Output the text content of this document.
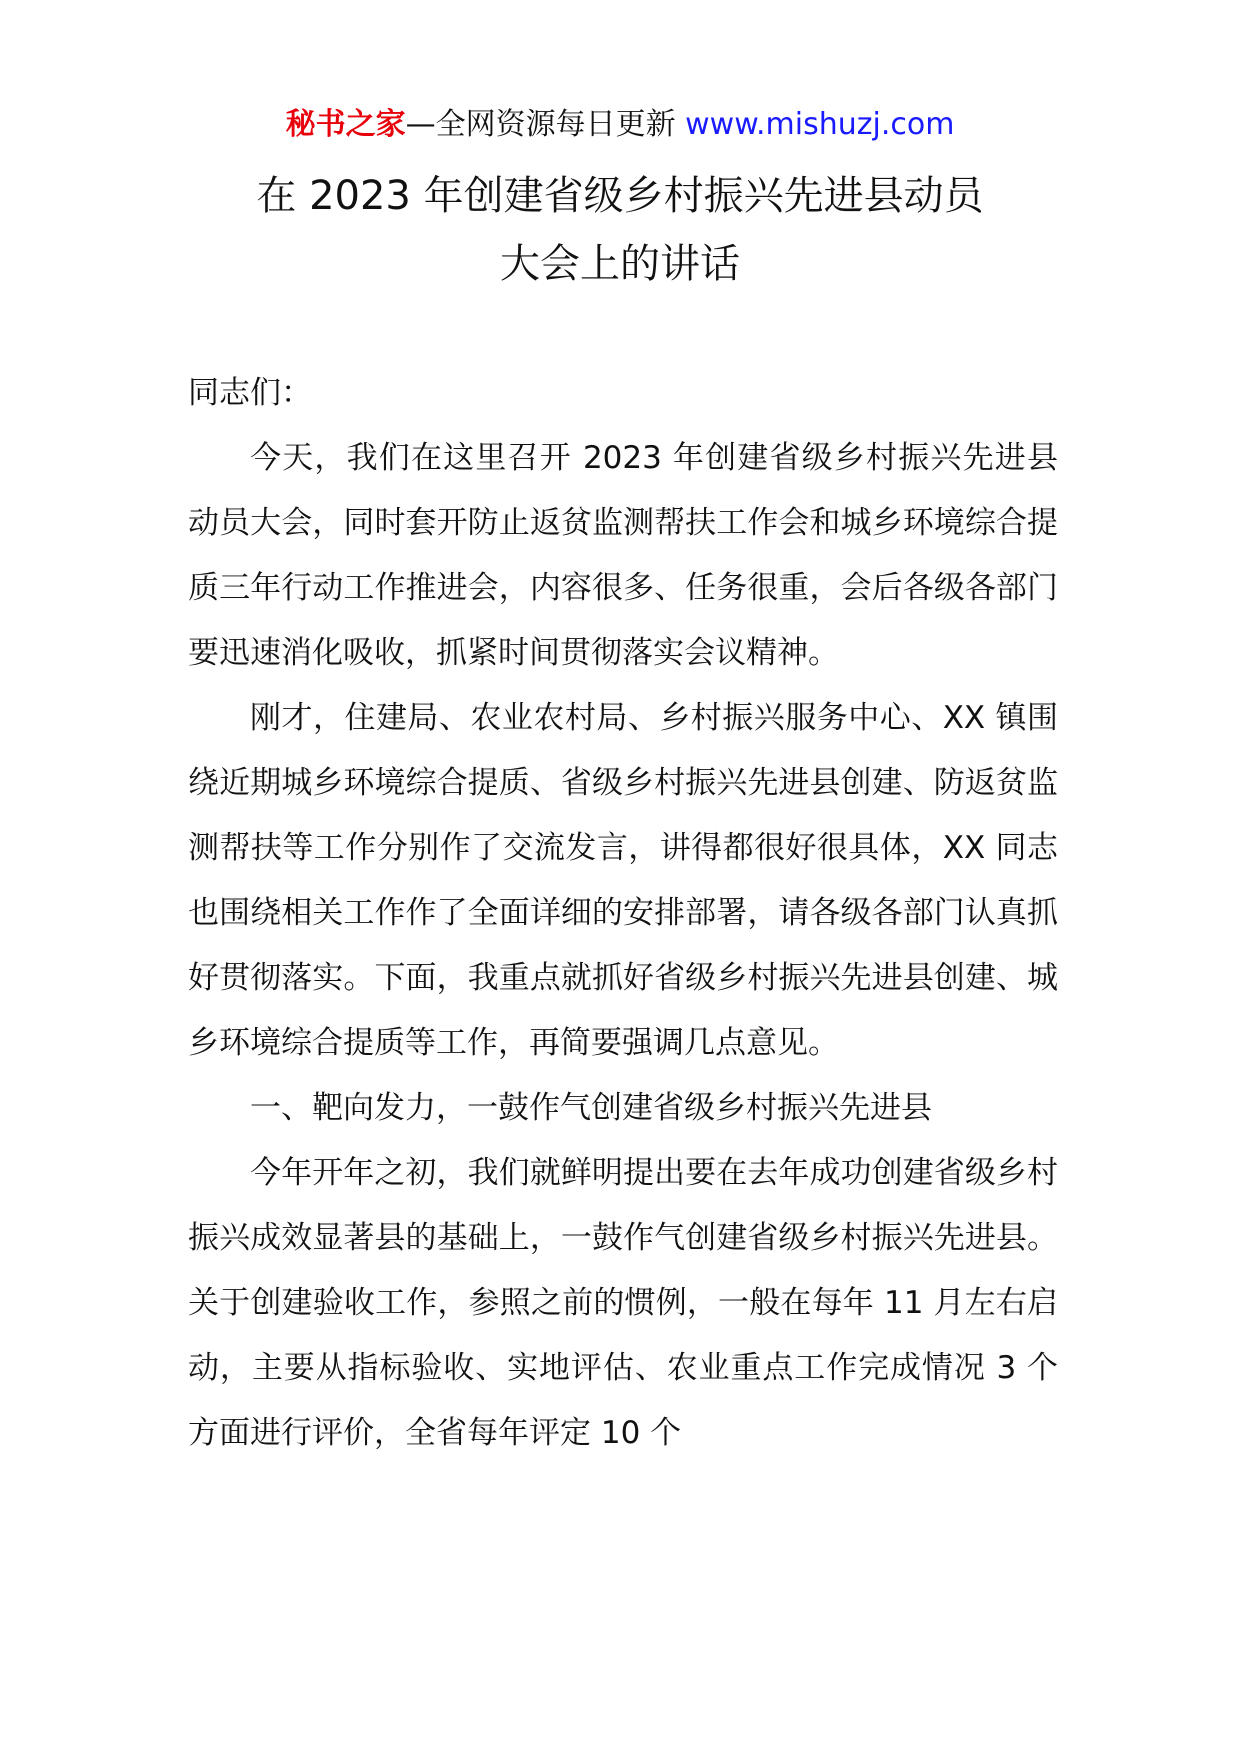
秘书之家—全网资源每日更新 www.mishuzj.com
在 2023 年创建省级乡村振兴先进县动员
大会上的讲话

同志们：

今天，我们在这里召开 2023 年创建省级乡村振兴先进县动员大会，同时套开防止返贫监测帮扶工作会和城乡环境综合提质三年行动工作推进会，内容很多、任务很重，会后各级各部门要迅速消化吸收，抓紧时间贯彻落实会议精神。

刚才，住建局、农业农村局、乡村振兴服务中心、XX 镇围绕近期城乡环境综合提质、省级乡村振兴先进县创建、防返贫监测帮扶等工作分别作了交流发言，讲得都很好很具体，XX 同志也围绕相关工作作了全面详细的安排部署，请各级各部门认真抓好贯彻落实。下面，我重点就抓好省级乡村振兴先进县创建、城乡环境综合提质等工作，再简要强调几点意见。

一、靶向发力，一鼓作气创建省级乡村振兴先进县

今年开年之初，我们就鲜明提出要在去年成功创建省级乡村振兴成效显著县的基础上，一鼓作气创建省级乡村振兴先进县。关于创建验收工作，参照之前的惯例，一般在每年 11 月左右启动，主要从指标验收、实地评估、农业重点工作完成情况 3 个方面进行评价，全省每年评定 10 个
